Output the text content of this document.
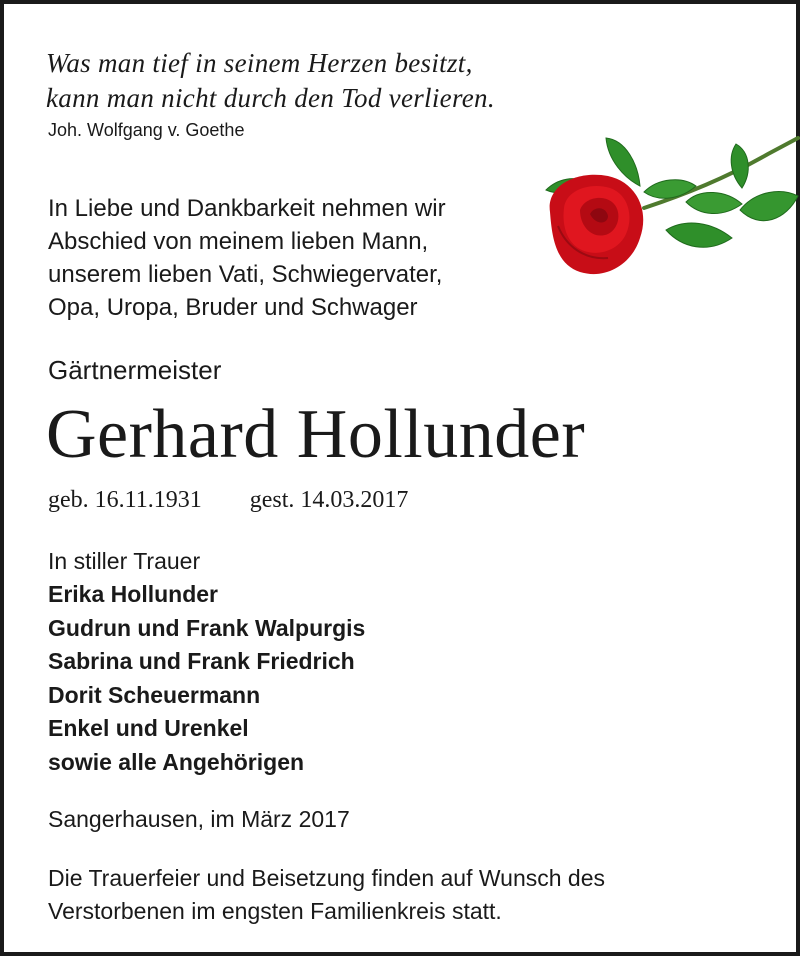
Was man tief in seinem Herzen besitzt,
kann man nicht durch den Tod verlieren.
Joh. Wolfgang v. Goethe
In Liebe und Dankbarkeit nehmen wir
Abschied von meinem lieben Mann,
unserem lieben Vati, Schwiegervater,
Opa, Uropa, Bruder und Schwager
Gärtnermeister
Gerhard Hollunder
geb. 16.11.1931 gest. 14.03.2017
In stiller Trauer
Erika Hollunder
Gudrun und Frank Walpurgis
Sabrina und Frank Friedrich
Dorit Scheuermann
Enkel und Urenkel
sowie alle Angehörigen
Sangerhausen, im März 2017
Die Trauerfeier und Beisetzung finden auf Wunsch des
Verstorbenen im engsten Familienkreis statt.
